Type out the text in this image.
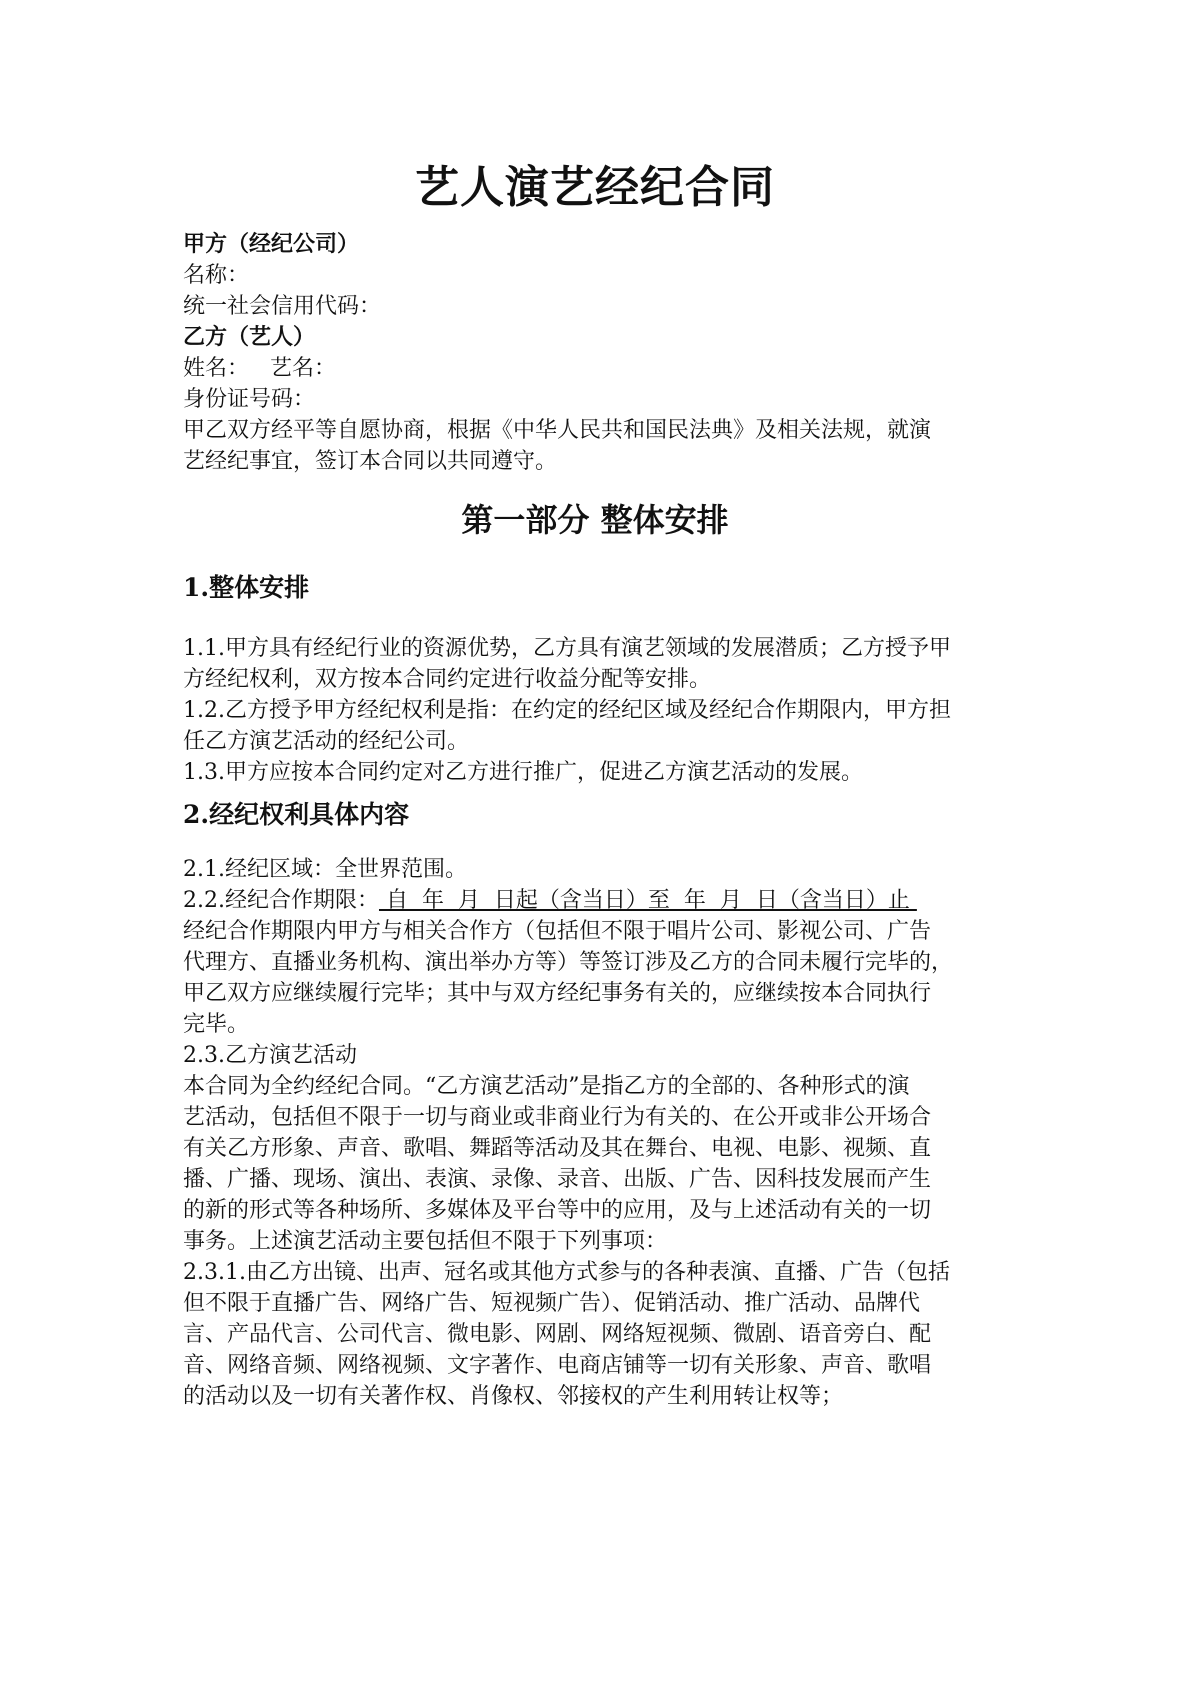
艺人演艺经纪合同
甲方（经纪公司）
名称：
统一社会信用代码：
乙方（艺人）
姓名：   艺名：
身份证号码：
甲乙双方经平等自愿协商，根据《中华人民共和国民法典》及相关法规，就演
艺经纪事宜，签订本合同以共同遵守。
第一部分 整体安排
1.整体安排
1.1.甲方具有经纪行业的资源优势，乙方具有演艺领域的发展潜质；乙方授予甲
方经纪权利，双方按本合同约定进行收益分配等安排。
1.2.乙方授予甲方经纪权利是指：在约定的经纪区域及经纪合作期限内，甲方担
任乙方演艺活动的经纪公司。
1.3.甲方应按本合同约定对乙方进行推广，促进乙方演艺活动的发展。
2.经纪权利具体内容
2.1.经纪区域：全世界范围。
2.2.经纪合作期限： 自  年  月  日起（含当日）至  年  月  日（含当日）止
经纪合作期限内甲方与相关合作方（包括但不限于唱片公司、影视公司、广告
代理方、直播业务机构、演出举办方等）等签订涉及乙方的合同未履行完毕的，
甲乙双方应继续履行完毕；其中与双方经纪事务有关的，应继续按本合同执行
完毕。
2.3.乙方演艺活动
本合同为全约经纪合同。“乙方演艺活动”是指乙方的全部的、各种形式的演
艺活动，包括但不限于一切与商业或非商业行为有关的、在公开或非公开场合
有关乙方形象、声音、歌唱、舞蹈等活动及其在舞台、电视、电影、视频、直
播、广播、现场、演出、表演、录像、录音、出版、广告、因科技发展而产生
的新的形式等各种场所、多媒体及平台等中的应用，及与上述活动有关的一切
事务。上述演艺活动主要包括但不限于下列事项：
2.3.1.由乙方出镜、出声、冠名或其他方式参与的各种表演、直播、广告（包括
但不限于直播广告、网络广告、短视频广告）、促销活动、推广活动、品牌代
言、产品代言、公司代言、微电影、网剧、网络短视频、微剧、语音旁白、配
音、网络音频、网络视频、文字著作、电商店铺等一切有关形象、声音、歌唱
的活动以及一切有关著作权、肖像权、邻接权的产生利用转让权等；
